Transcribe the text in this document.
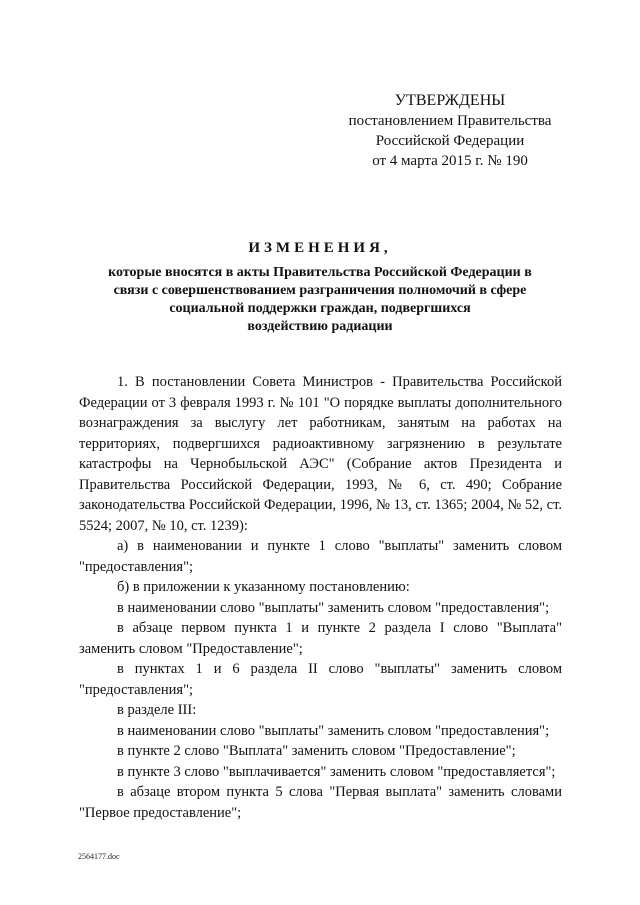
УТВЕРЖДЕНЫ
постановлением Правительства
Российской Федерации
от 4 марта 2015 г. № 190
ИЗМЕНЕНИЯ,
которые вносятся в акты Правительства Российской Федерации в
связи с совершенствованием разграничения полномочий в сфере
социальной поддержки граждан, подвергшихся
воздействию радиации

1. В постановлении Совета Министров - Правительства Российской Федерации от 3 февраля 1993 г. № 101 "О порядке выплаты дополнительного вознаграждения за выслугу лет работникам, занятым на работах на территориях, подвергшихся радиоактивному загрязнению в результате катастрофы на Чернобыльской АЭС" (Собрание актов Президента и Правительства Российской Федерации, 1993, № 6, ст. 490; Собрание законодательства Российской Федерации, 1996, № 13, ст. 1365; 2004, № 52, ст. 5524; 2007, № 10, ст. 1239):

а) в наименовании и пункте 1 слово "выплаты" заменить словом "предоставления";

б) в приложении к указанному постановлению:

в наименовании слово "выплаты" заменить словом "предоставления";

в абзаце первом пункта 1 и пункте 2 раздела I слово "Выплата" заменить словом "Предоставление";

в пунктах 1 и 6 раздела II слово "выплаты" заменить словом "предоставления";

в разделе III:

в наименовании слово "выплаты" заменить словом "предоставления";

в пункте 2 слово "Выплата" заменить словом "Предоставление";

в пункте 3 слово "выплачивается" заменить словом "предоставляется";

в абзаце втором пункта 5 слова "Первая выплата" заменить словами "Первое предоставление";

2564177.doc
